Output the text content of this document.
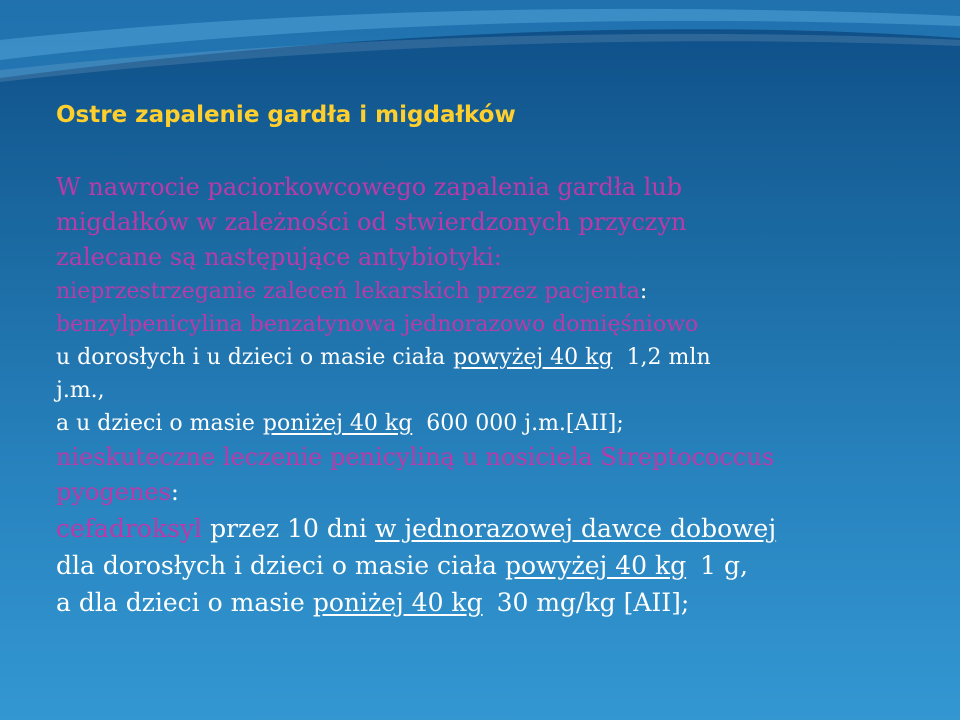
Ostre zapalenie gardła i migdałków
W nawrocie paciorkowcowego zapalenia gardła lub
migdałków w zależności od stwierdzonych przyczyn
zalecane są następujące antybiotyki:
nieprzestrzeganie zaleceń lekarskich przez pacjenta:
benzylpenicylina benzatynowa jednorazowo domięśniowo
u dorosłych i u dzieci o masie ciała powyżej 40 kg 1,2 mln
j.m.,
a u dzieci o masie poniżej 40 kg 600 000 j.m.[AII];
nieskuteczne leczenie penicyliną u nosiciela Streptococcus
pyogenes:
cefadroksyl przez 10 dni w jednorazowej dawce dobowej
dla dorosłych i dzieci o masie ciała powyżej 40 kg 1 g,
a dla dzieci o masie poniżej 40 kg 30 mg/kg [AII];
